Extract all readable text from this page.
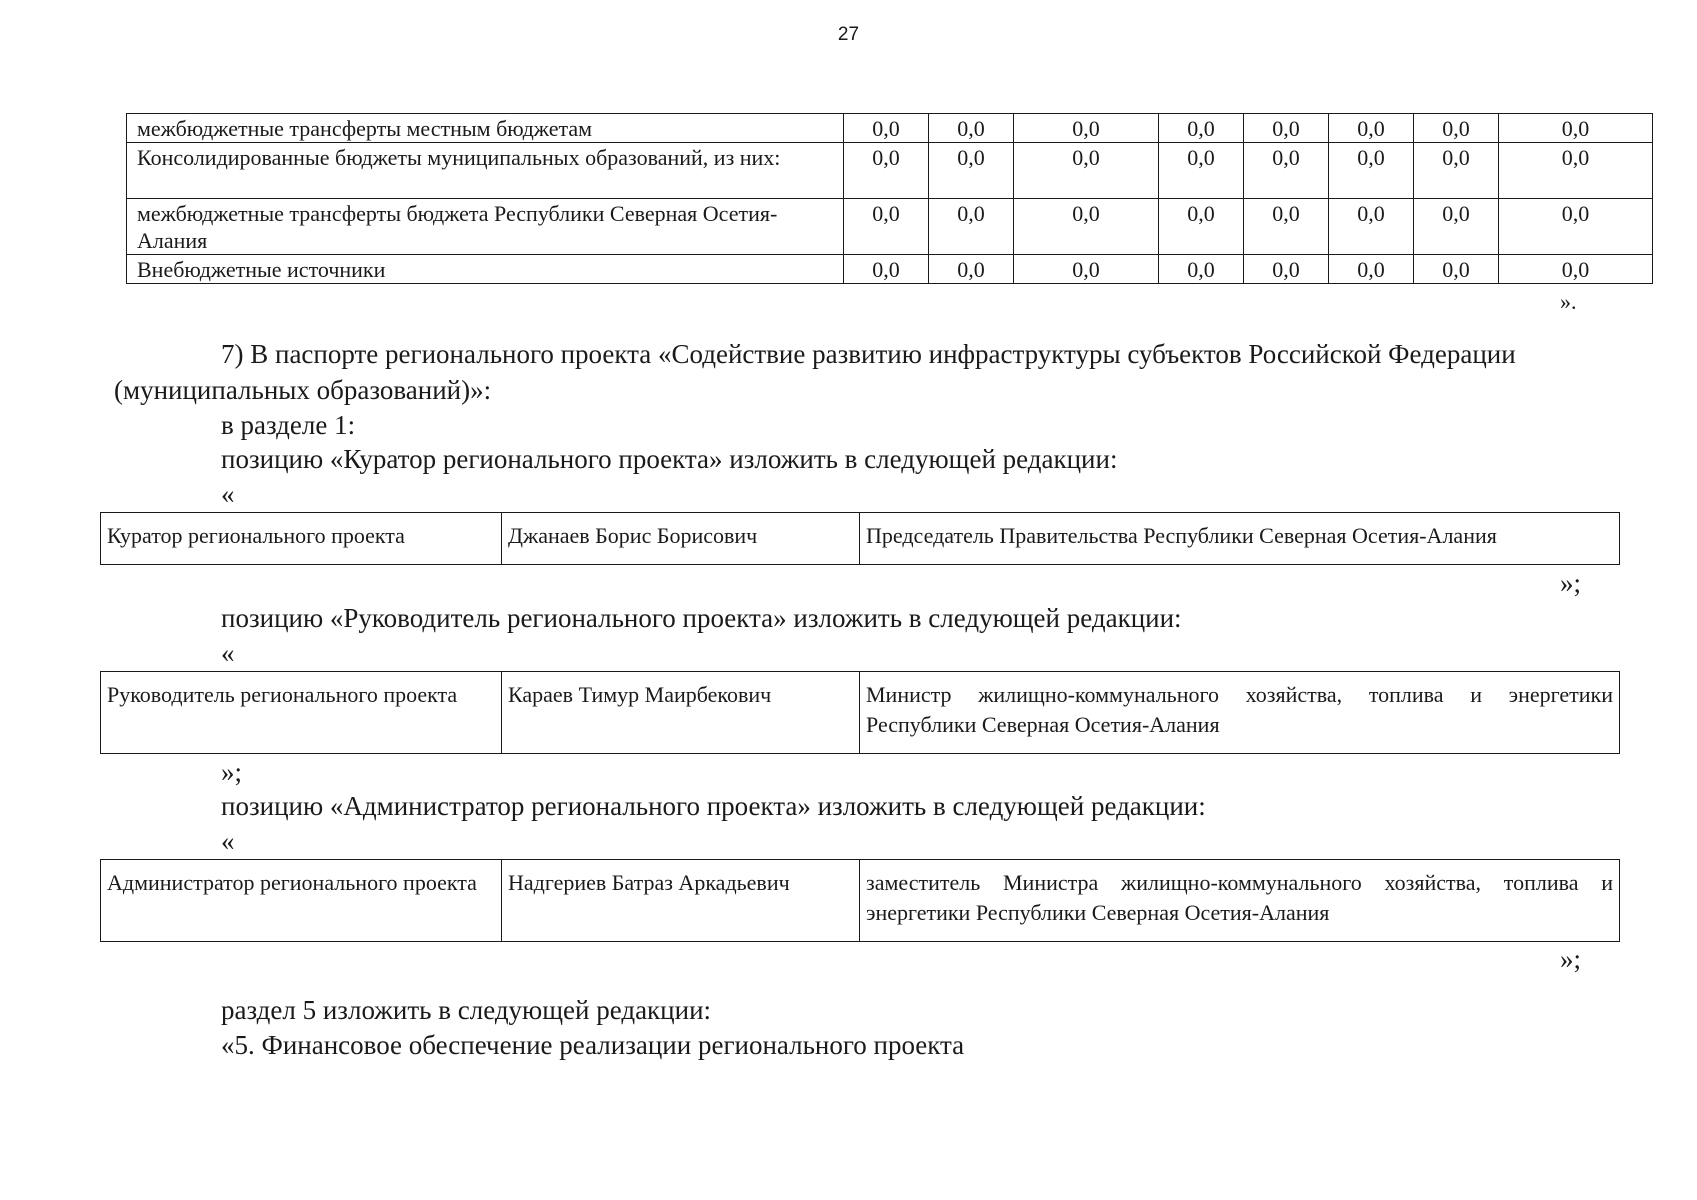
27
межбюджетные трансферты местным бюджетам	0,0	0,0	0,0	0,0	0,0	0,0	0,0	0,0
Консолидированные бюджеты муниципальных образований, из них:	0,0	0,0	0,0	0,0	0,0	0,0	0,0	0,0
межбюджетные трансферты бюджета Республики Северная Осетия-Алания	0,0	0,0	0,0	0,0	0,0	0,0	0,0	0,0
Внебюджетные источники	0,0	0,0	0,0	0,0	0,0	0,0	0,0	0,0
».
7) В паспорте регионального проекта «Содействие развитию инфраструктуры субъектов Российской Федерации
(муниципальных образований)»:
в разделе 1:
позицию «Куратор регионального проекта» изложить в следующей редакции:
«
Куратор регионального проекта	Джанаев Борис Борисович	Председатель Правительства Республики Северная Осетия-Алания
»;
позицию «Руководитель регионального проекта» изложить в следующей редакции:
«
Руководитель регионального проекта	Караев Тимур Маирбекович	Министр жилищно-коммунального хозяйства, топлива и энергетики Республики Северная Осетия-Алания
»;
позицию «Администратор регионального проекта» изложить в следующей редакции:
«
Администратор регионального проекта	Надгериев Батраз Аркадьевич	заместитель Министра жилищно-коммунального хозяйства, топлива и энергетики Республики Северная Осетия-Алания
»;
раздел 5 изложить в следующей редакции:
«5. Финансовое обеспечение реализации регионального проекта
